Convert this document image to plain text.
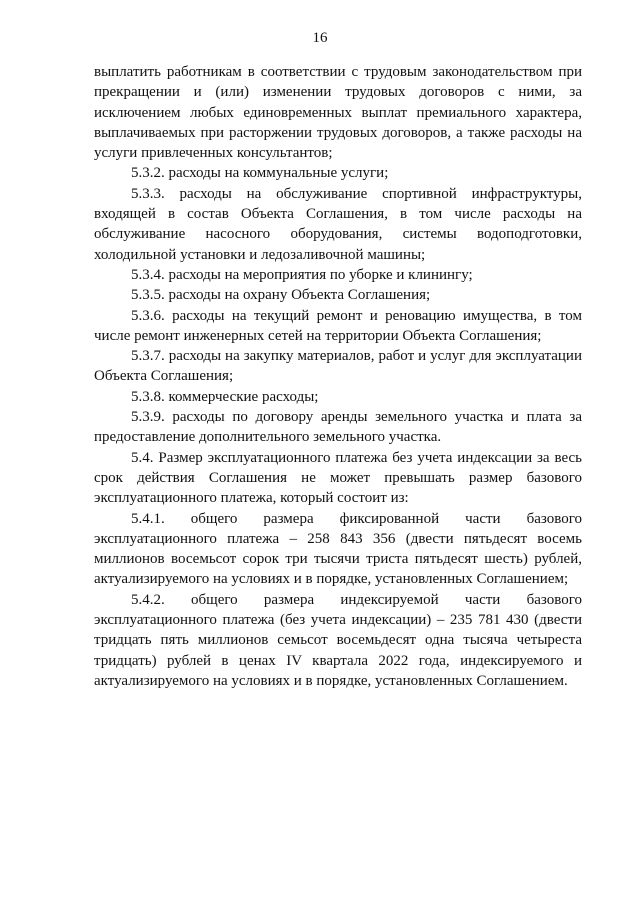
16

выплатить работникам в соответствии с трудовым законодательством при прекращении и (или) изменении трудовых договоров с ними, за исключением любых единовременных выплат премиального характера, выплачиваемых при расторжении трудовых договоров, а также расходы на услуги привлеченных консультантов;

5.3.2. расходы на коммунальные услуги;

5.3.3. расходы на обслуживание спортивной инфраструктуры, входящей в состав Объекта Соглашения, в том числе расходы на обслуживание насосного оборудования, системы водоподготовки, холодильной установки и ледозаливочной машины;

5.3.4. расходы на мероприятия по уборке и клинингу;

5.3.5. расходы на охрану Объекта Соглашения;

5.3.6. расходы на текущий ремонт и реновацию имущества, в том числе ремонт инженерных сетей на территории Объекта Соглашения;

5.3.7. расходы на закупку материалов, работ и услуг для эксплуатации Объекта Соглашения;

5.3.8. коммерческие расходы;

5.3.9. расходы по договору аренды земельного участка и плата за предоставление дополнительного земельного участка.

5.4. Размер эксплуатационного платежа без учета индексации за весь срок действия Соглашения не может превышать размер базового эксплуатационного платежа, который состоит из:

5.4.1. общего размера фиксированной части базового эксплуатационного платежа – 258 843 356 (двести пятьдесят восемь миллионов восемьсот сорок три тысячи триста пятьдесят шесть) рублей, актуализируемого на условиях и в порядке, установленных Соглашением;

5.4.2. общего размера индексируемой части базового эксплуатационного платежа (без учета индексации) – 235 781 430 (двести тридцать пять миллионов семьсот восемьдесят одна тысяча четыреста тридцать) рублей в ценах IV квартала 2022 года, индексируемого и актуализируемого на условиях и в порядке, установленных Соглашением.
